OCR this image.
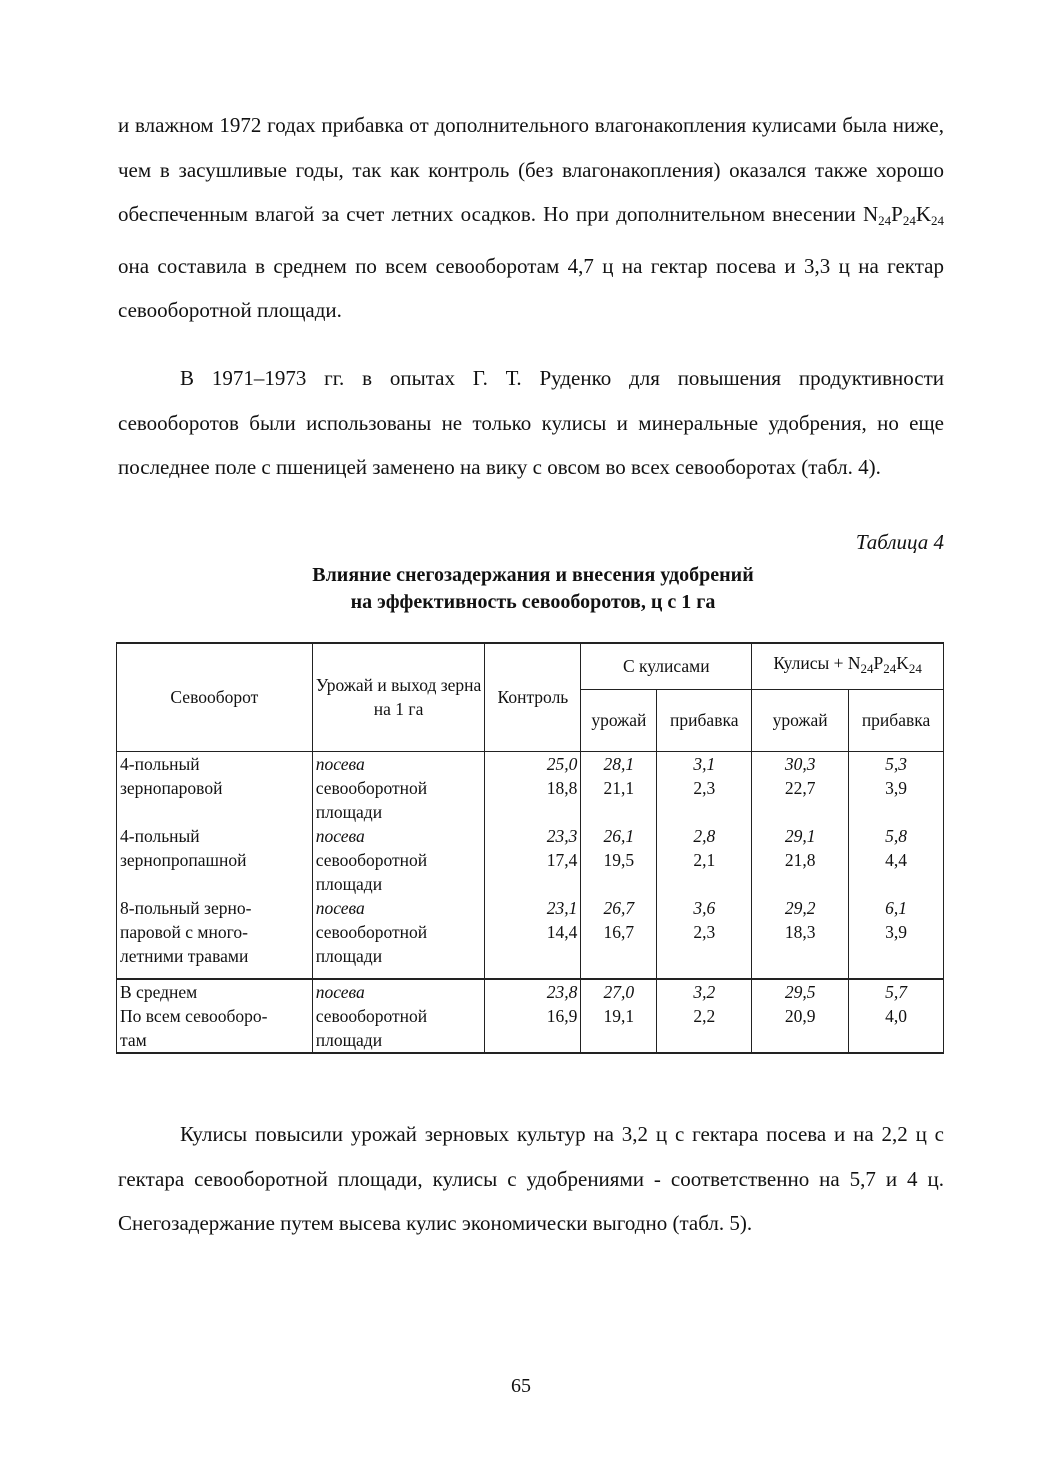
и влажном 1972 годах прибавка от дополнительного влагонакопления кулисами была ниже, чем в засушливые годы, так как контроль (без влагонакопления) оказался также хорошо обеспеченным влагой за счет летних осадков. Но при дополнительном внесении $N_{24}P_{24}K_{24}$ она составила в среднем по всем севооборотам 4,7 ц на гектар посева и 3,3 ц на гектар севооборотной площади.
В 1971–1973 гг. в опытах Г. Т. Руденко для повышения продуктивности севооборотов были использованы не только кулисы и минеральные удобрения, но еще последнее поле с пшеницей заменено на вику с овсом во всех севооборотах (табл. 4).
Таблица 4
Влияние снегозадержания и внесения удобрений
на эффективность севооборотов, ц с 1 га
Севооборот	Урожай и выход зерна на 1 га	Контроль	С кулисами		Кулисы + $N_{24}P_{24}K_{24}$
			урожай	прибавка	урожай	прибавка
4-польный	посева	25,0	28,1	3,1	30,3	5,3
зернопаровой	севооборотной	18,8	21,1	2,3	22,7	3,9
	площади					
4-польный	посева	23,3	26,1	2,8	29,1	5,8
зернопропашной	севооборотной	17,4	19,5	2,1	21,8	4,4
	площади					
8-польный зерно-	посева	23,1	26,7	3,6	29,2	6,1
паровой с много-	севооборотной	14,4	16,7	2,3	18,3	3,9
летними травами	площади					

В среднем	посева	23,8	27,0	3,2	29,5	5,7
По всем севооборо-	севооборотной	16,9	19,1	2,2	20,9	4,0
там	площади					
Кулисы повысили урожай зерновых культур на 3,2 ц с гектара посева и на 2,2 ц с гектара севооборотной площади, кулисы с удобрениями - соответственно на 5,7 и 4 ц. Снегозадержание путем высева кулис экономически выгодно (табл. 5).
65
